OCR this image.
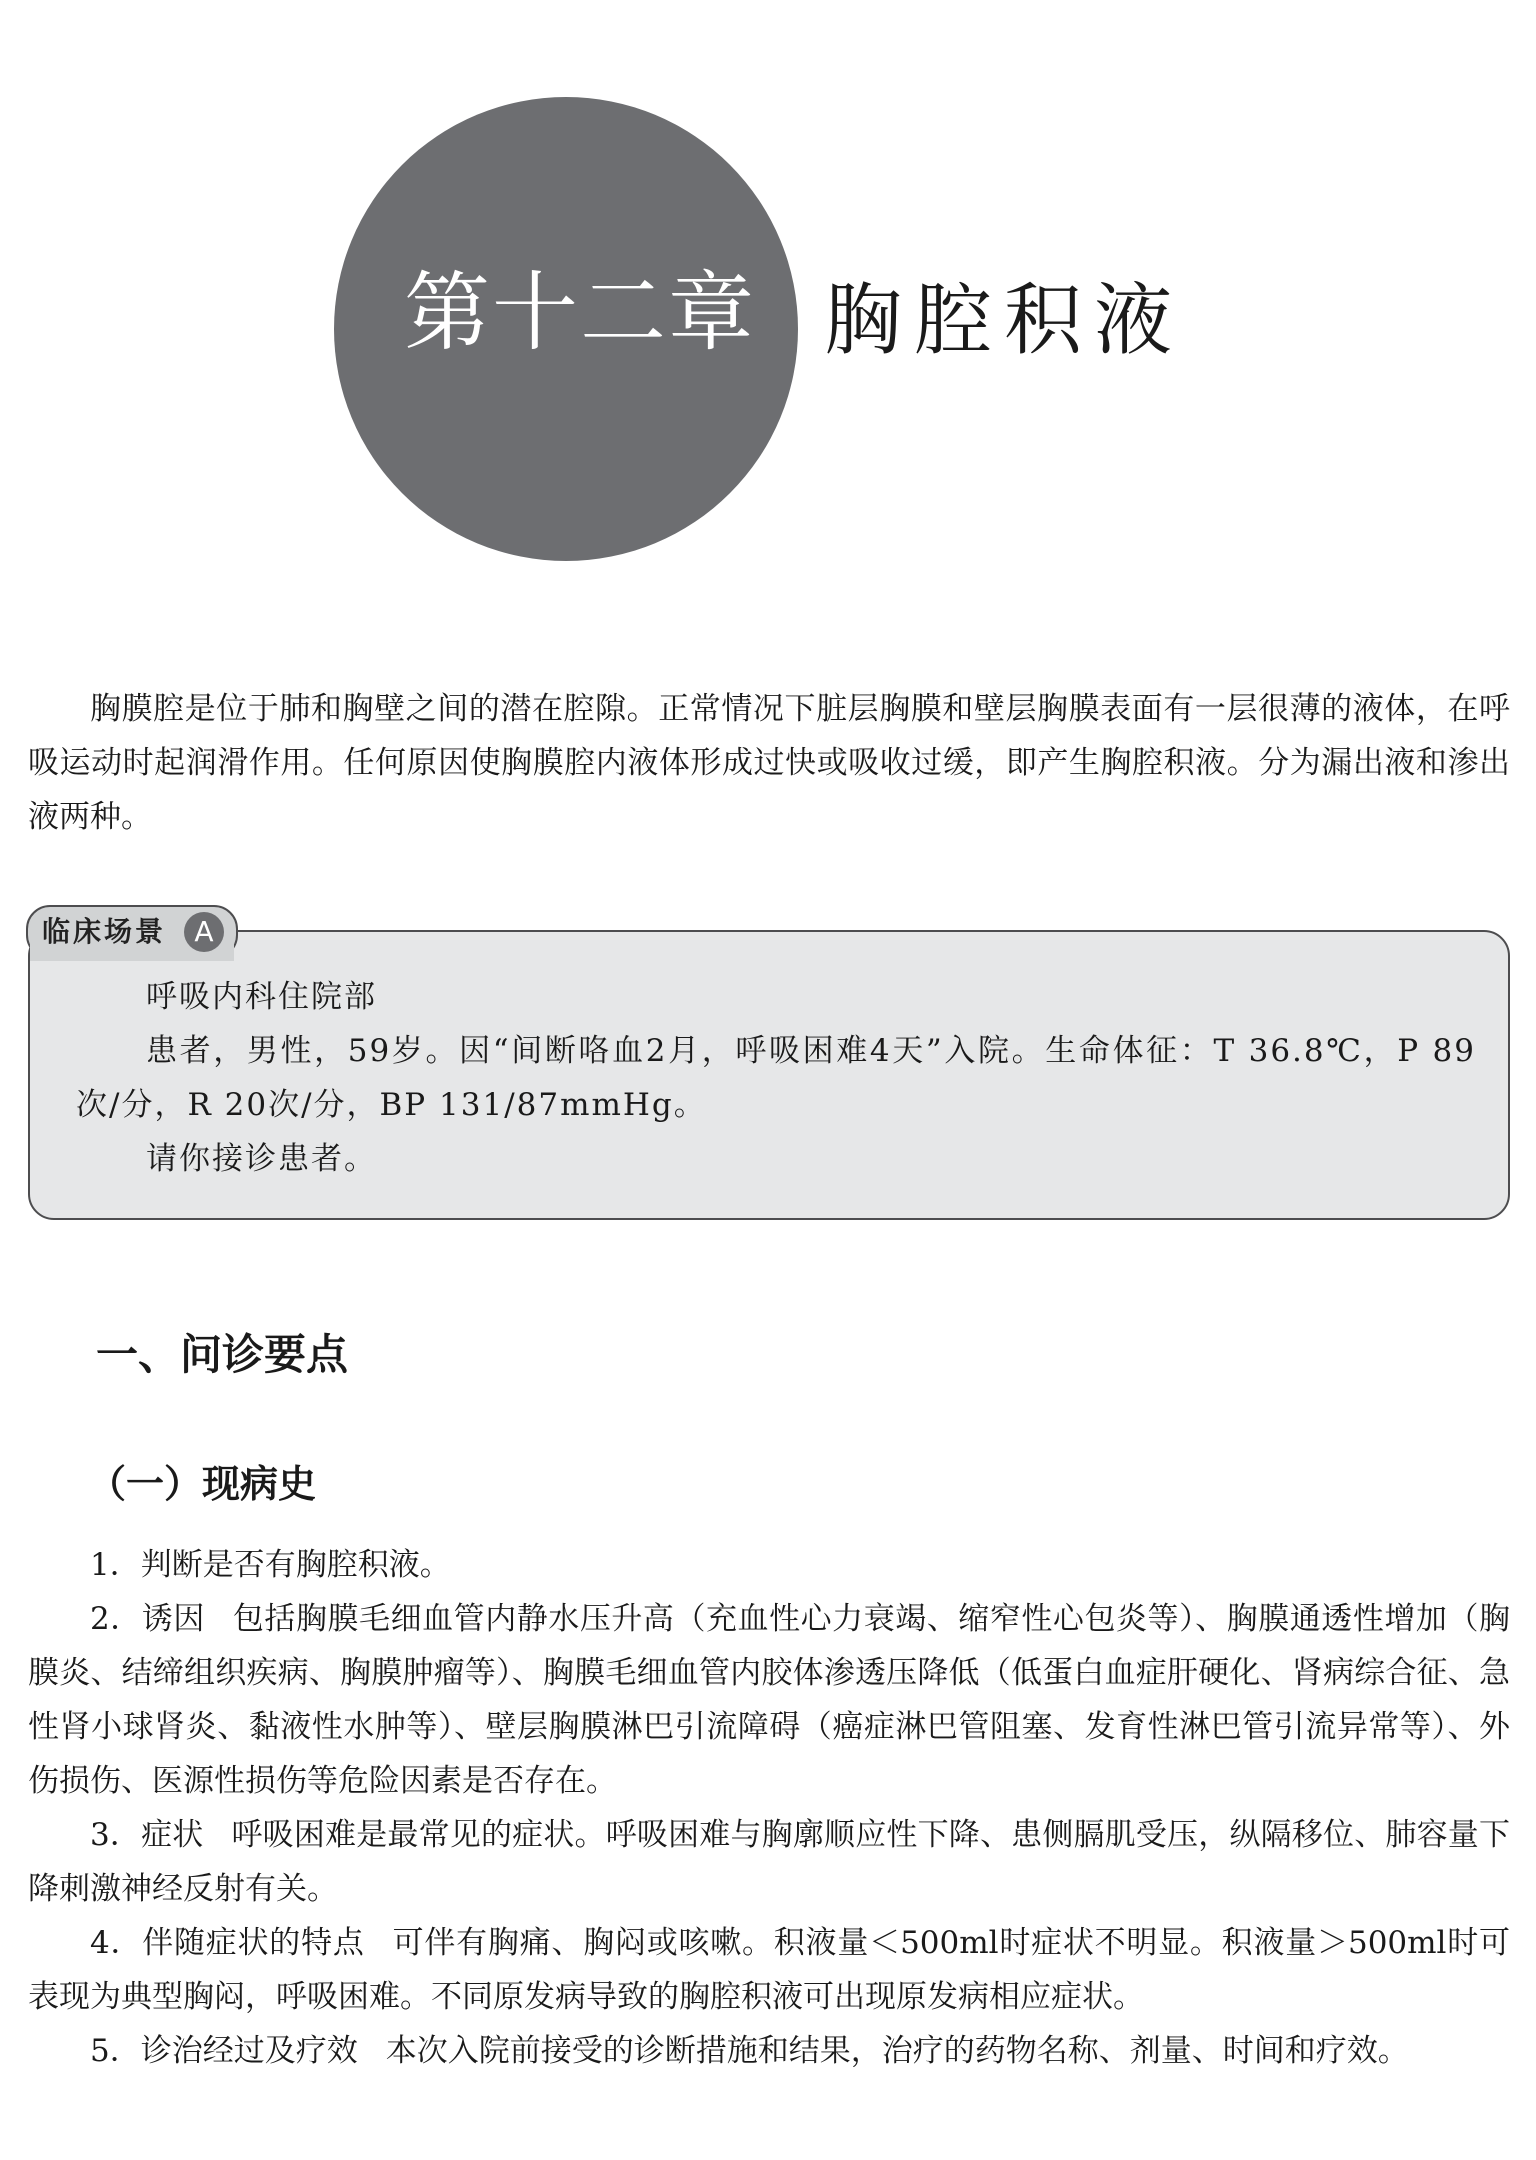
第十二章 胸腔积液

胸膜腔是位于肺和胸壁之间的潜在腔隙。正常情况下脏层胸膜和壁层胸膜表面有一层很薄的液体，在呼吸运动时起润滑作用。任何原因使胸膜腔内液体形成过快或吸收过缓，即产生胸腔积液。分为漏出液和渗出液两种。

临床场景	A

呼吸内科住院部

患者，男性，59岁。因“间断咯血2月，呼吸困难4天”入院。生命体征：T 36.8℃，P 89次/分，R 20次/分，BP 131/87mmHg。

请你接诊患者。

一、问诊要点
（一）现病史

1．判断是否有胸腔积液。

2．诱因 包括胸膜毛细血管内静水压升高（充血性心力衰竭、缩窄性心包炎等）、胸膜通透性增加（胸膜炎、结缔组织疾病、胸膜肿瘤等）、胸膜毛细血管内胶体渗透压降低（低蛋白血症肝硬化、肾病综合征、急性肾小球肾炎、黏液性水肿等）、壁层胸膜淋巴引流障碍（癌症淋巴管阻塞、发育性淋巴管引流异常等）、外伤损伤、医源性损伤等危险因素是否存在。

3．症状 呼吸困难是最常见的症状。呼吸困难与胸廓顺应性下降、患侧膈肌受压，纵隔移位、肺容量下降刺激神经反射有关。

4．伴随症状的特点 可伴有胸痛、胸闷或咳嗽。积液量＜500ml时症状不明显。积液量＞500ml时可表现为典型胸闷，呼吸困难。不同原发病导致的胸腔积液可出现原发病相应症状。

5．诊治经过及疗效 本次入院前接受的诊断措施和结果，治疗的药物名称、剂量、时间和疗效。
